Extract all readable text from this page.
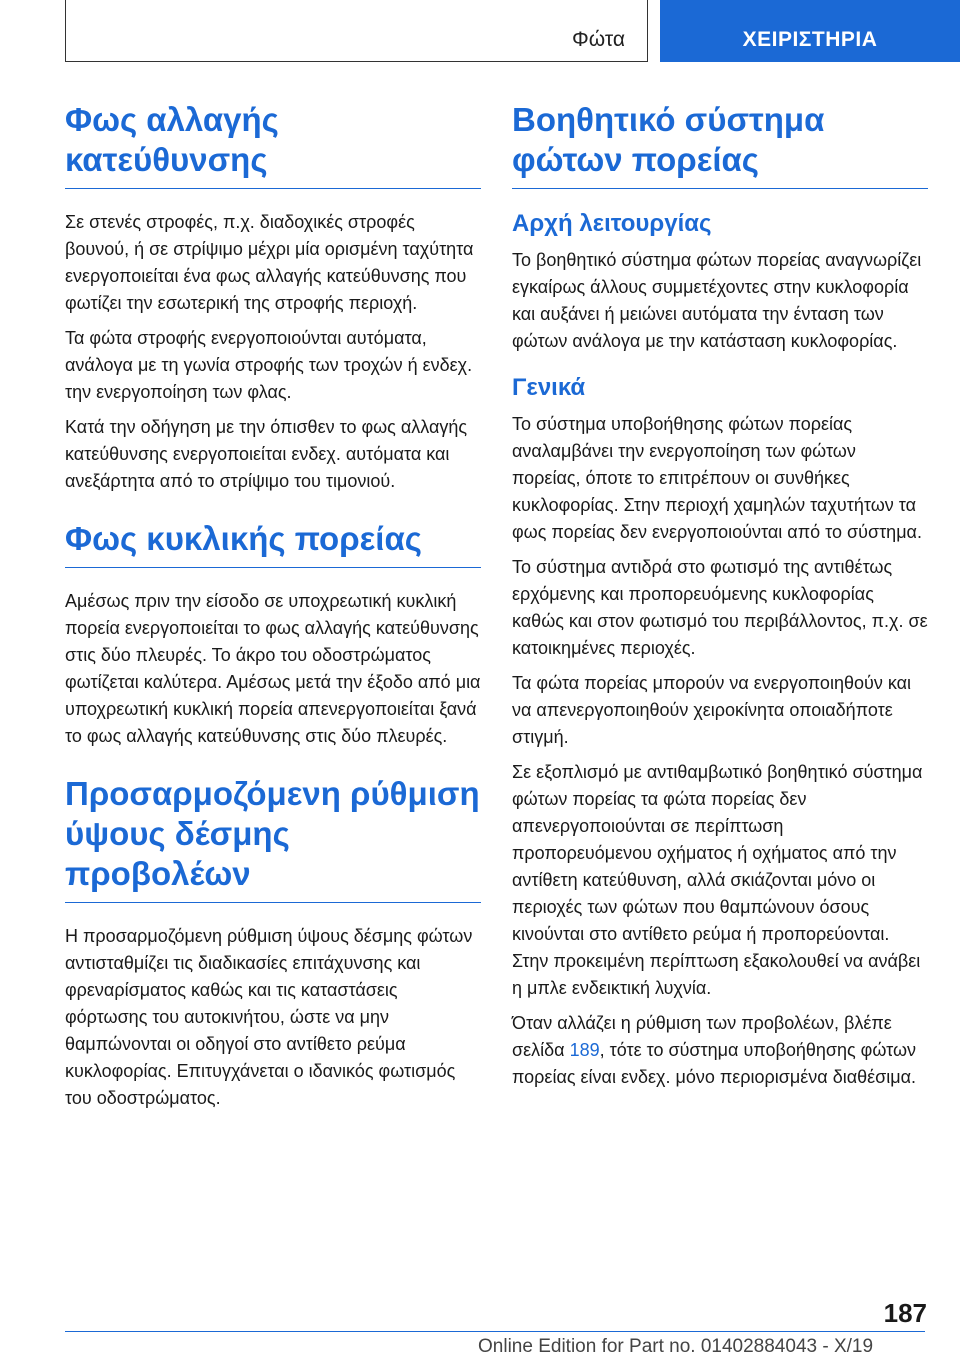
Φώτα	ΧΕΙΡΙΣΤΗΡΙΑ
Φως αλλαγής κατεύθυνσης

Σε στενές στροφές, π.χ. διαδοχικές στροφές βουνού, ή σε στρίψιμο μέχρι μία ορισμένη ταχύτητα ενεργοποιείται ένα φως αλλαγής κατεύθυνσης που φωτίζει την εσωτερική της στροφής περιοχή.

Τα φώτα στροφής ενεργοποιούνται αυτόματα, ανάλογα με τη γωνία στροφής των τροχών ή ενδεχ. την ενεργοποίηση των φλας.

Κατά την οδήγηση με την όπισθεν το φως αλλαγής κατεύθυνσης ενεργοποιείται ενδεχ. αυτόματα και ανεξάρτητα από το στρίψιμο του τιμονιού.

Φως κυκλικής πορείας

Αμέσως πριν την είσοδο σε υποχρεωτική κυκλική πορεία ενεργοποιείται το φως αλλαγής κατεύθυνσης στις δύο πλευρές. Το άκρο του οδοστρώματος φωτίζεται καλύτερα. Αμέσως μετά την έξοδο από μια υποχρεωτική κυκλική πορεία απενεργοποιείται ξανά το φως αλλαγής κατεύθυνσης στις δύο πλευρές.

Προσαρμοζόμενη ρύθμιση ύψους δέσμης προβολέων

Η προσαρμοζόμενη ρύθμιση ύψους δέσμης φώτων αντισταθμίζει τις διαδικασίες επιτάχυνσης και φρεναρίσματος καθώς και τις καταστάσεις φόρτωσης του αυτοκινήτου, ώστε να μην θαμπώνονται οι οδηγοί στο αντίθετο ρεύμα κυκλοφορίας. Επιτυγχάνεται ο ιδανικός φωτισμός του οδοστρώματος.

Βοηθητικό σύστημα φώτων πορείας
Αρχή λειτουργίας

Το βοηθητικό σύστημα φώτων πορείας αναγνωρίζει εγκαίρως άλλους συμμετέχοντες στην κυκλοφορία και αυξάνει ή μειώνει αυτόματα την ένταση των φώτων ανάλογα με την κατάσταση κυκλοφορίας.

Γενικά

Το σύστημα υποβοήθησης φώτων πορείας αναλαμβάνει την ενεργοποίηση των φώτων πορείας, όποτε το επιτρέπουν οι συνθήκες κυκλοφορίας. Στην περιοχή χαμηλών ταχυτήτων τα φως πορείας δεν ενεργοποιούνται από το σύστημα.

Το σύστημα αντιδρά στο φωτισμό της αντιθέτως ερχόμενης και προπορευόμενης κυκλοφορίας καθώς και στον φωτισμό του περιβάλλοντος, π.χ. σε κατοικημένες περιοχές.

Τα φώτα πορείας μπορούν να ενεργοποιηθούν και να απενεργοποιηθούν χειροκίνητα οποιαδήποτε στιγμή.

Σε εξοπλισμό με αντιθαμβωτικό βοηθητικό σύστημα φώτων πορείας τα φώτα πορείας δεν απενεργοποιούνται σε περίπτωση προπορευόμενου οχήματος ή οχήματος από την αντίθετη κατεύθυνση, αλλά σκιάζονται μόνο οι περιοχές των φώτων που θαμπώνουν όσους κινούνται στο αντίθετο ρεύμα ή προπορεύονται. Στην προκειμένη περίπτωση εξακολουθεί να ανάβει η μπλε ενδεικτική λυχνία.

Όταν αλλάζει η ρύθμιση των προβολέων, βλέπε σελίδα 189, τότε το σύστημα υποβοήθησης φώτων πορείας είναι ενδεχ. μόνο περιορισμένα διαθέσιμα.

187
Online Edition for Part no. 01402884043 - X/19
